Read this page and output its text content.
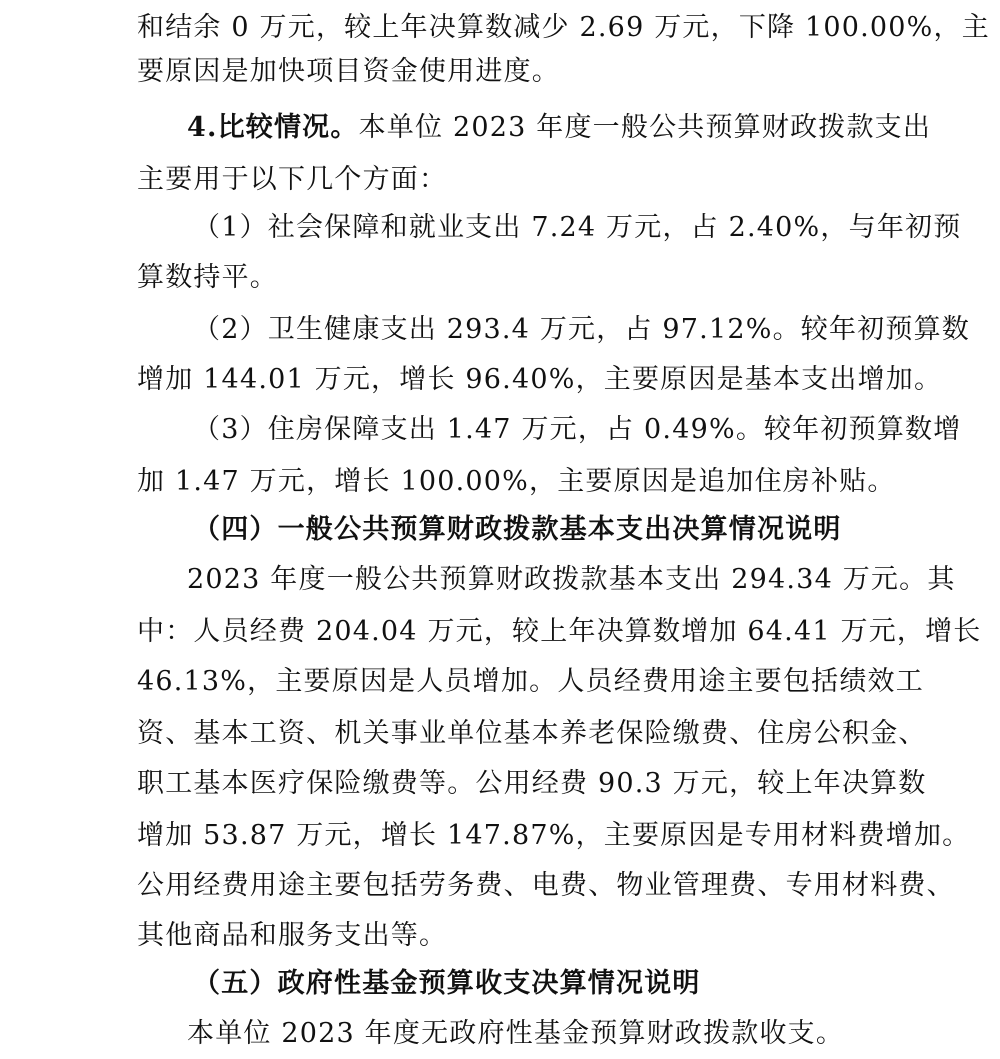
和结余 0 万元，较上年决算数减少 2.69 万元，下降 100.00%，主
要原因是加快项目资金使用进度。
4.比较情况。本单位 2023 年度一般公共预算财政拨款支出
主要用于以下几个方面：
（1）社会保障和就业支出 7.24 万元，占 2.40%，与年初预
算数持平。
（2）卫生健康支出 293.4 万元，占 97.12%。较年初预算数
增加 144.01 万元，增长 96.40%，主要原因是基本支出增加。
（3）住房保障支出 1.47 万元，占 0.49%。较年初预算数增
加 1.47 万元，增长 100.00%，主要原因是追加住房补贴。
（四）一般公共预算财政拨款基本支出决算情况说明
2023 年度一般公共预算财政拨款基本支出 294.34 万元。其
中：人员经费 204.04 万元，较上年决算数增加 64.41 万元，增长
46.13%，主要原因是人员增加。人员经费用途主要包括绩效工
资、基本工资、机关事业单位基本养老保险缴费、住房公积金、
职工基本医疗保险缴费等。公用经费 90.3 万元，较上年决算数
增加 53.87 万元，增长 147.87%，主要原因是专用材料费增加。
公用经费用途主要包括劳务费、电费、物业管理费、专用材料费、
其他商品和服务支出等。
（五）政府性基金预算收支决算情况说明
本单位 2023 年度无政府性基金预算财政拨款收支。
